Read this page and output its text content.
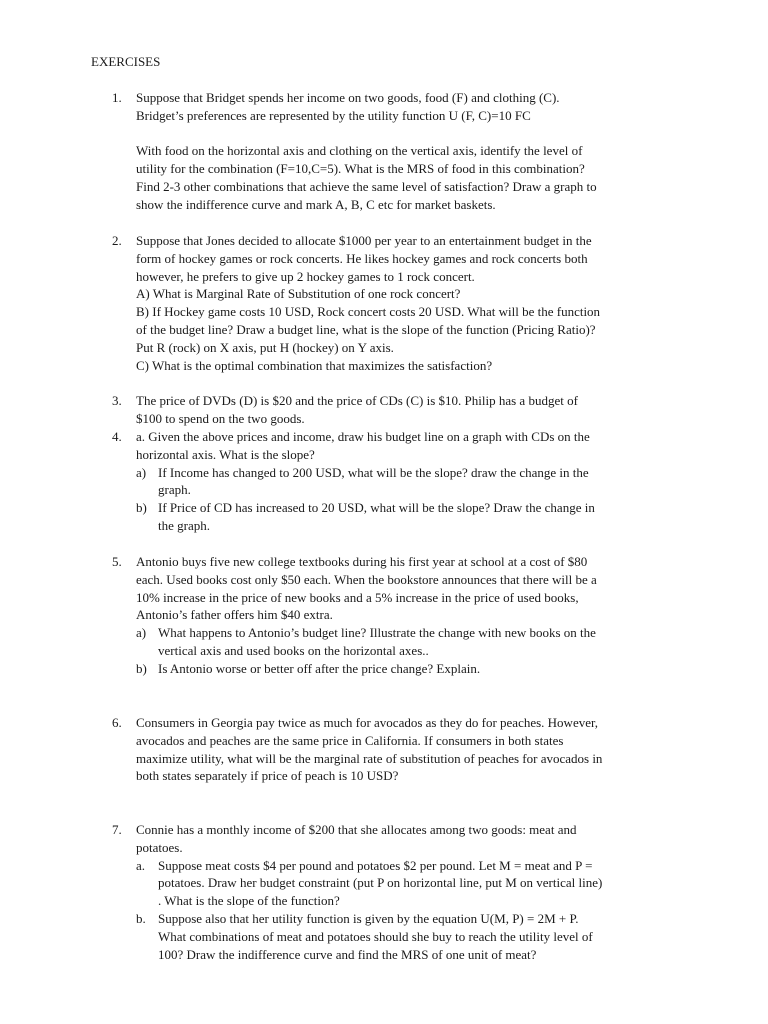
EXERCISES
1. Suppose that Bridget spends her income on two goods, food (F) and clothing (C).

Bridget’s preferences are represented by the utility function U (F, C)=10 FC

With food on the horizontal axis and clothing on the vertical axis, identify the level of

utility for the combination (F=10,C=5). What is the MRS of food in this combination?

Find 2-3 other combinations that achieve the same level of satisfaction? Draw a graph to

show the indifference curve and mark A, B, C etc for market baskets.

2. Suppose that Jones decided to allocate $1000 per year to an entertainment budget in the

form of hockey games or rock concerts. He likes hockey games and rock concerts both

however, he prefers to give up 2 hockey games to 1 rock concert.

A) What is Marginal Rate of Substitution of one rock concert?

B) If Hockey game costs 10 USD, Rock concert costs 20 USD. What will be the function

of the budget line? Draw a budget line, what is the slope of the function (Pricing Ratio)?

Put R (rock) on X axis, put H (hockey) on Y axis.

C) What is the optimal combination that maximizes the satisfaction?

3. The price of DVDs (D) is $20 and the price of CDs (C) is $10. Philip has a budget of

$100 to spend on the two goods.

4. a. Given the above prices and income, draw his budget line on a graph with CDs on the

horizontal axis. What is the slope?

a) If Income has changed to 200 USD, what will be the slope? draw the change in the

graph.

b) If Price of CD has increased to 20 USD, what will be the slope? Draw the change in

the graph.

5. Antonio buys five new college textbooks during his first year at school at a cost of $80

each. Used books cost only $50 each. When the bookstore announces that there will be a

10% increase in the price of new books and a 5% increase in the price of used books,

Antonio’s father offers him $40 extra.

a) What happens to Antonio’s budget line? Illustrate the change with new books on the

vertical axis and used books on the horizontal axes..

b) Is Antonio worse or better off after the price change? Explain.

6. Consumers in Georgia pay twice as much for avocados as they do for peaches. However,

avocados and peaches are the same price in California. If consumers in both states

maximize utility, what will be the marginal rate of substitution of peaches for avocados in

both states separately if price of peach is 10 USD?

7. Connie has a monthly income of $200 that she allocates among two goods: meat and

potatoes.

a. Suppose meat costs $4 per pound and potatoes $2 per pound. Let M = meat and P =

potatoes. Draw her budget constraint (put P on horizontal line, put M on vertical line)

. What is the slope of the function?

b. Suppose also that her utility function is given by the equation U(M, P) = 2M + P.

What combinations of meat and potatoes should she buy to reach the utility level of

100? Draw the indifference curve and find the MRS of one unit of meat?
